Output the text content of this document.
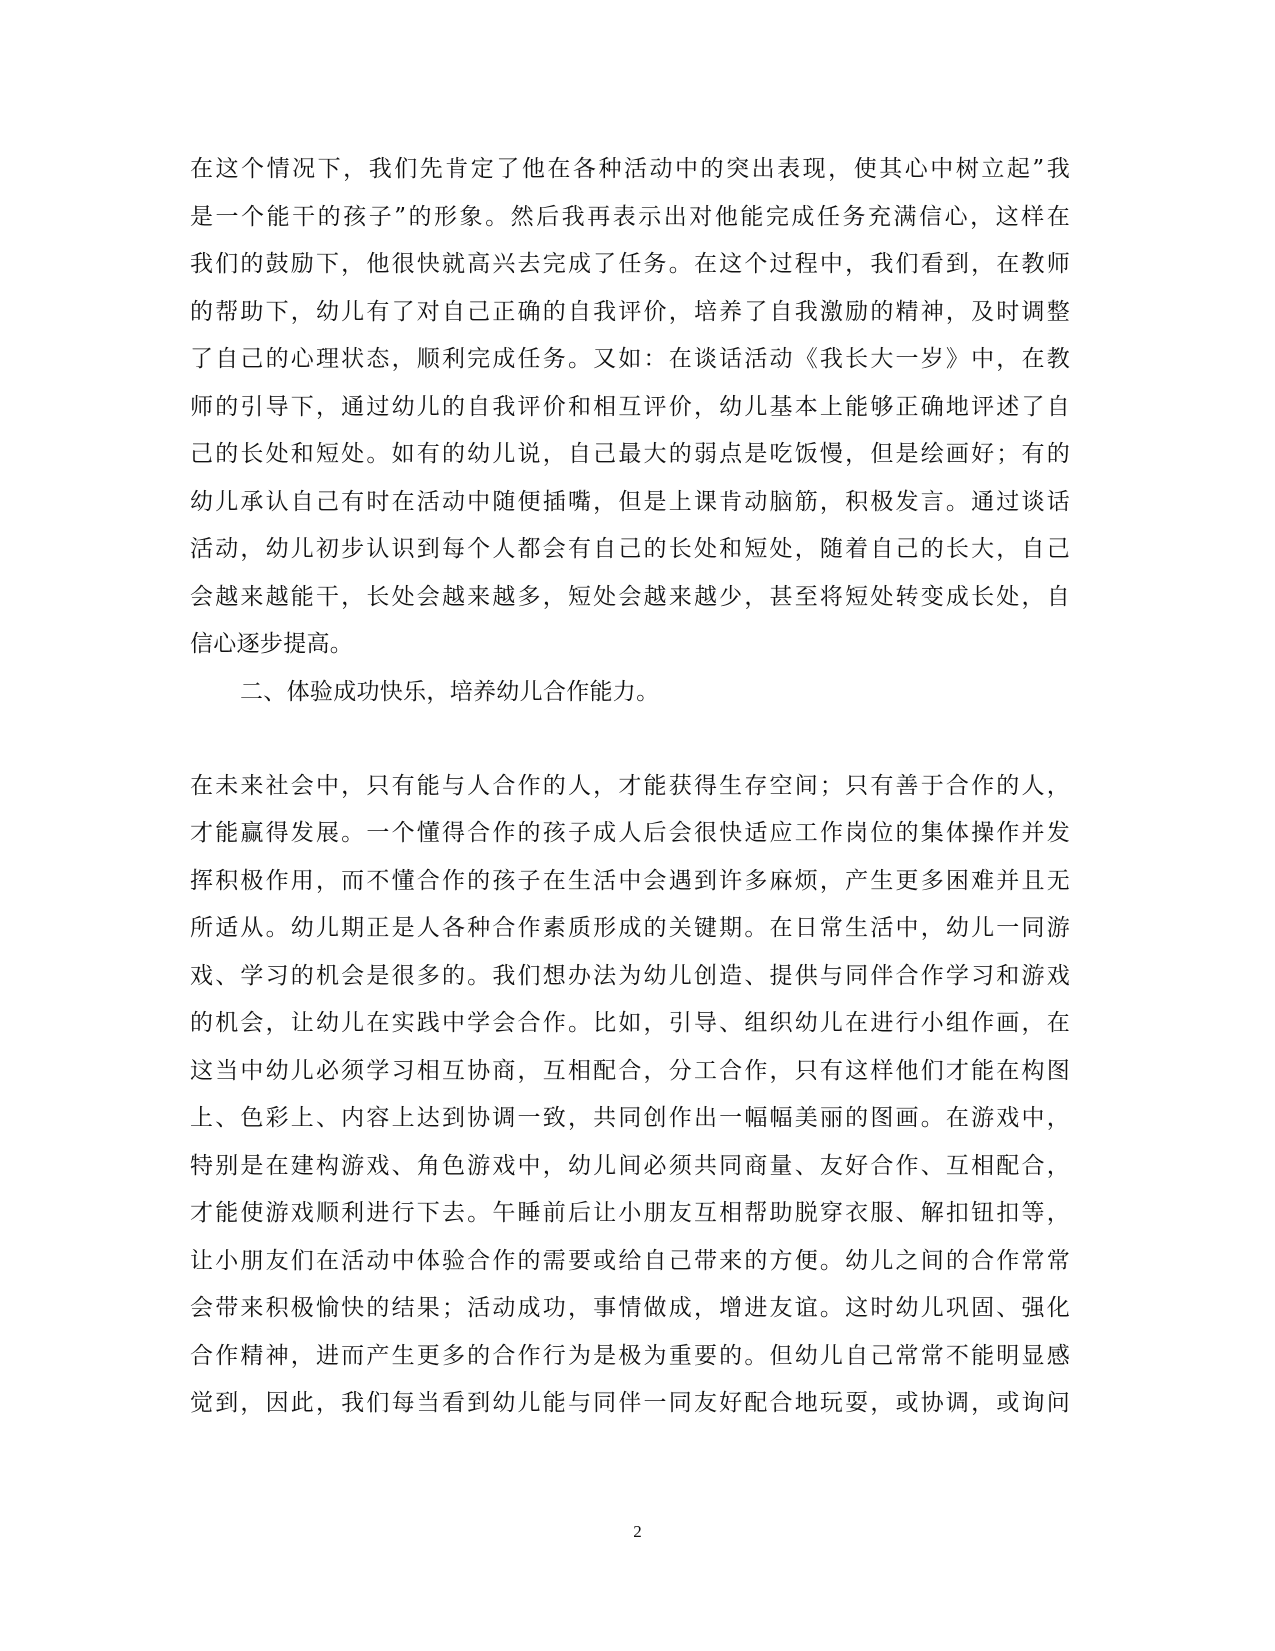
在这个情况下，我们先肯定了他在各种活动中的突出表现，使其心中树立起”我
是一个能干的孩子”的形象。然后我再表示出对他能完成任务充满信心，这样在
我们的鼓励下，他很快就高兴去完成了任务。在这个过程中，我们看到，在教师
的帮助下，幼儿有了对自己正确的自我评价，培养了自我激励的精神，及时调整
了自己的心理状态，顺利完成任务。又如：在谈话活动《我长大一岁》中，在教
师的引导下，通过幼儿的自我评价和相互评价，幼儿基本上能够正确地评述了自
己的长处和短处。如有的幼儿说，自己最大的弱点是吃饭慢，但是绘画好；有的
幼儿承认自己有时在活动中随便插嘴，但是上课肯动脑筋，积极发言。通过谈话
活动，幼儿初步认识到每个人都会有自己的长处和短处，随着自己的长大，自己
会越来越能干，长处会越来越多，短处会越来越少，甚至将短处转变成长处，自
信心逐步提高。
二、体验成功快乐，培养幼儿合作能力。
在未来社会中，只有能与人合作的人，才能获得生存空间；只有善于合作的人，
才能赢得发展。一个懂得合作的孩子成人后会很快适应工作岗位的集体操作并发
挥积极作用，而不懂合作的孩子在生活中会遇到许多麻烦，产生更多困难并且无
所适从。幼儿期正是人各种合作素质形成的关键期。在日常生活中，幼儿一同游
戏、学习的机会是很多的。我们想办法为幼儿创造、提供与同伴合作学习和游戏
的机会，让幼儿在实践中学会合作。比如，引导、组织幼儿在进行小组作画，在
这当中幼儿必须学习相互协商，互相配合，分工合作，只有这样他们才能在构图
上、色彩上、内容上达到协调一致，共同创作出一幅幅美丽的图画。在游戏中，
特别是在建构游戏、角色游戏中，幼儿间必须共同商量、友好合作、互相配合，
才能使游戏顺利进行下去。午睡前后让小朋友互相帮助脱穿衣服、解扣钮扣等，
让小朋友们在活动中体验合作的需要或给自己带来的方便。幼儿之间的合作常常
会带来积极愉快的结果；活动成功，事情做成，增进友谊。这时幼儿巩固、强化
合作精神，进而产生更多的合作行为是极为重要的。但幼儿自己常常不能明显感
觉到，因此，我们每当看到幼儿能与同伴一同友好配合地玩耍，或协调，或询问
2
